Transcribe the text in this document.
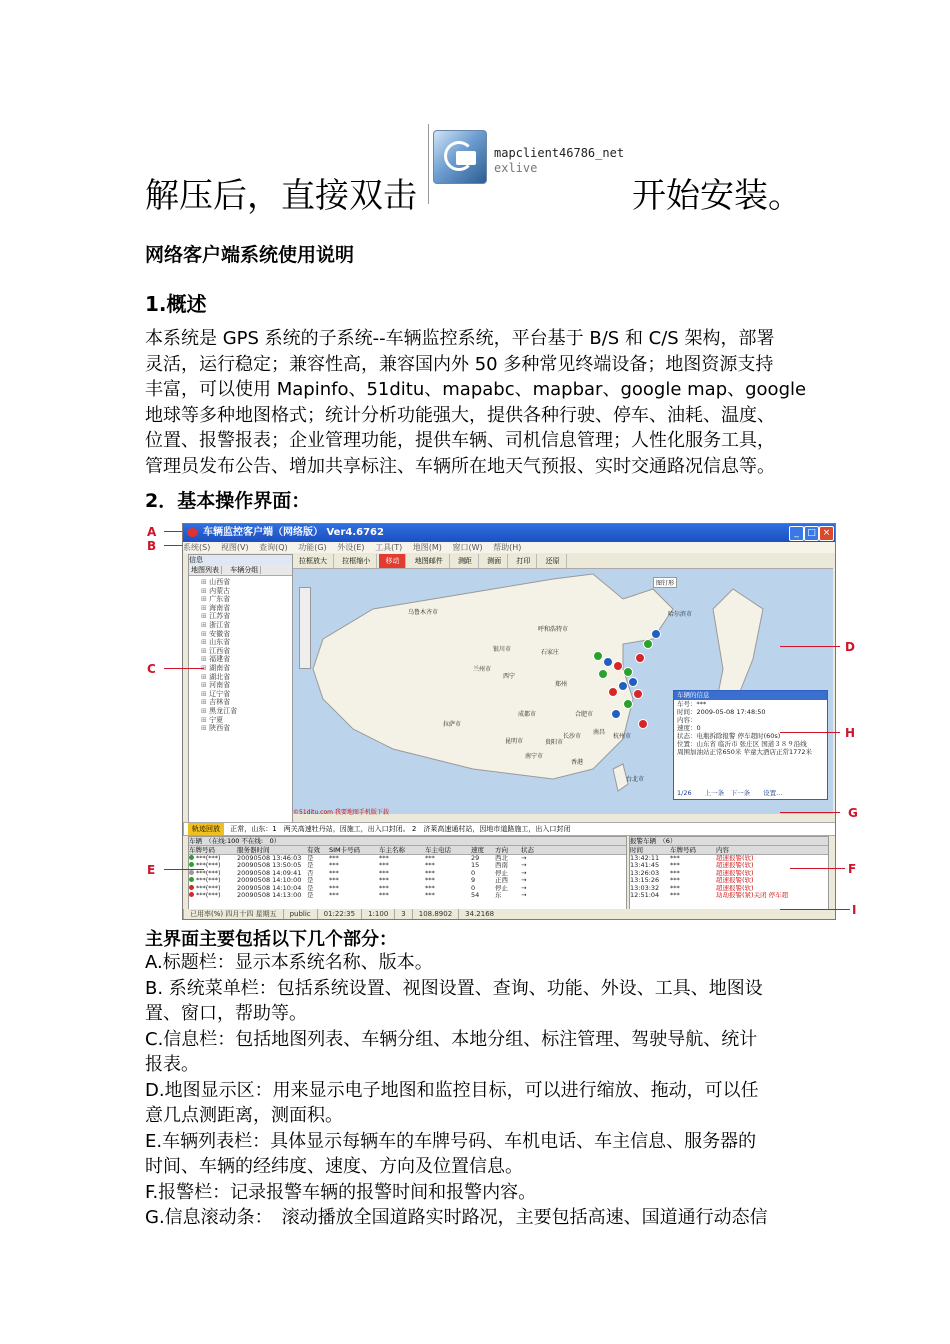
解压后，直接双击
mapclient46786_net
exlive
开始安装。
网络客户端系统使用说明
1.概述
本系统是 GPS 系统的子系统--车辆监控系统，平台基于 B/S 和 C/S 架构，部署
灵活，运行稳定；兼容性高，兼容国内外 50 多种常见终端设备；地图资源支持
丰富，可以使用 Mapinfo、51ditu、mapabc、mapbar、google map、google
地球等多种地图格式；统计分析功能强大，提供各种行驶、停车、油耗、温度、
位置、报警报表；企业管理功能，提供车辆、司机信息管理；人性化服务工具，
管理员发布公告、增加共享标注、车辆所在地天气预报、实时交通路况信息等。
2．基本操作界面：
车辆监控客户端（网络版） Ver4.6762	_ □ ×
系统(S) 视图(V) 查询(Q) 功能(G) 外设(E) 工具(T) 地图(M) 窗口(W) 帮助(H)
信息
地图列表 车辆分组
⊞ 山西省
⊞ 内蒙古
⊞ 广东省
⊞ 海南省
⊞ 江苏省
⊞ 浙江省
⊞ 安徽省
⊞ 山东省
⊞ 江西省
⊞ 福建省
⊞ 湖南省
⊞ 湖北省
⊞ 河南省
⊞ 辽宁省
⊞ 吉林省
⊞ 黑龙江省
⊞ 宁夏
⊞ 陕西省
拉框放大 拉框缩小 移动 地图邮件 测距 测面 打印 还原
图钉形
乌鲁木齐市
呼和浩特市
银川市	石家庄
兰州市
西宁
郑州
成都市	合肥市
拉萨市
长沙市
南昌
昆明市	贵阳市
南宁市
香港
杭州市
哈尔滨市
台北市
车辆的信息
车号：***
时间：2009-05-08 17:48:50
内容：
速度：0
状态：电瓶拆除报警 停车超时(60s)
位置：山东省 临沂市 张庄区 国道３８９沿线
周围加油站正常650米 苹童大酒店正常1772米
1/26　　上一条　下一条　　设置...
©51ditu.com 我要地图手机版下载
轨迹回放 正常，山东：1　两关高速牡丹站，因施工，出入口封闭。 2　济莱高速通村站，因地市道路施工，出入口封闭
车辆　（在线:100 不在线:　0）
车牌号码	服务器时间	有效 SIM卡号码	车主名称	车主电话	速度 方向 状态
***(***)	20090508 13:46:03 是 ***	***	***	29 西北 →
***(***)	20090508 13:50:05 是 ***	***	***	15 西南 →
***(***)	20090508 14:09:41 否 ***	***	***	0	停止 →
***(***)	20090508 14:10:00 是 ***	***	***	9	正西 →
***(***)	20090508 14:10:04 是 ***	***	***	0	停止 →
***(***)	20090508 14:13:00 是 ***	***	***	54 东	→
报警车辆　（6）
时间	车牌号码	内容
13:42:11 ***	超速报警(软)
13:41:45 ***	超速报警(软)
13:26:03 ***	超速报警(软)
13:15:26 ***	超速报警(软)
13:03:32 ***	超速报警(软)
12:51:04 ***	劫劫报警(紧)关闭 停车超
已用率(%) 四月十四 星期五 public 01:22:35 1:100 3 108.8902 34.2168
A
B
C
D
E	F
G
H
I
主界面主要包括以下几个部分：
A.标题栏：显示本系统名称、版本。
B. 系统菜单栏：包括系统设置、视图设置、查询、功能、外设、工具、地图设
置、窗口，帮助等。
C.信息栏：包括地图列表、车辆分组、本地分组、标注管理、驾驶导航、统计
报表。
D.地图显示区：用来显示电子地图和监控目标，可以进行缩放、拖动，可以任
意几点测距离，测面积。
E.车辆列表栏：具体显示每辆车的车牌号码、车机电话、车主信息、服务器的
时间、车辆的经纬度、速度、方向及位置信息。
F.报警栏：记录报警车辆的报警时间和报警内容。
G.信息滚动条：　滚动播放全国道路实时路况，主要包括高速、国道通行动态信
